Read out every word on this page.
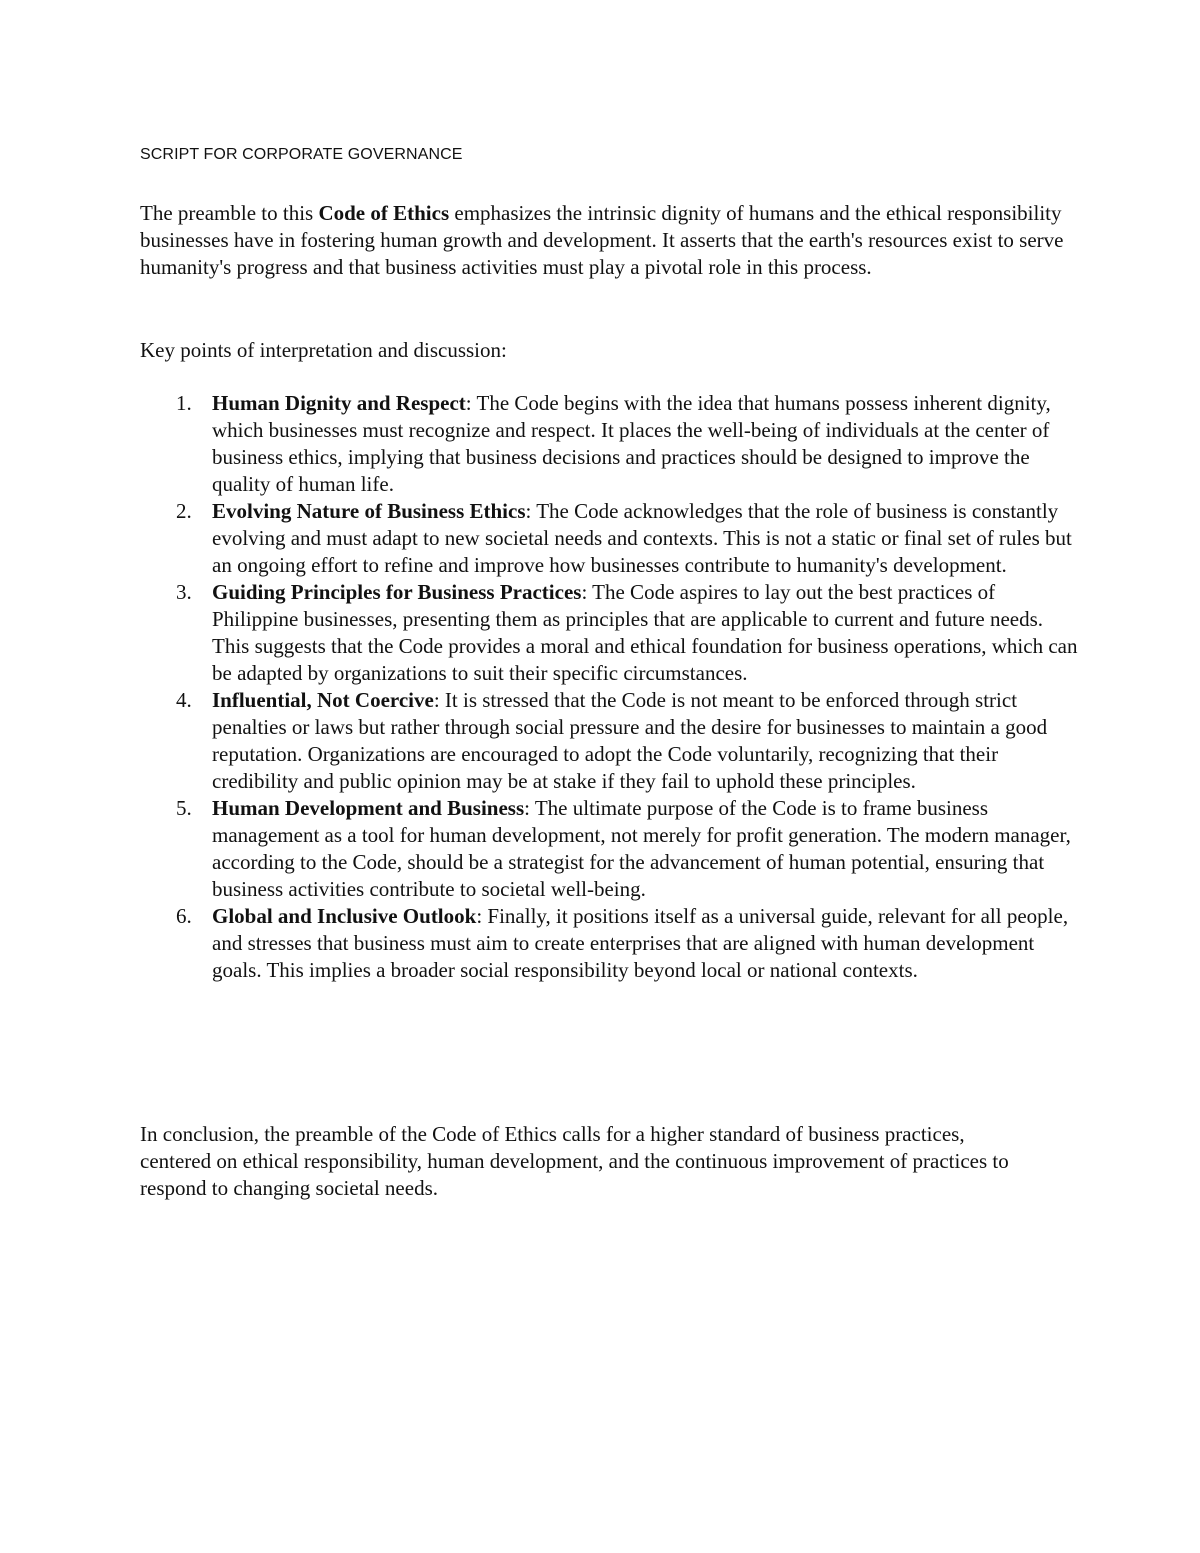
SCRIPT FOR CORPORATE GOVERNANCE

The preamble to this Code of Ethics emphasizes the intrinsic dignity of humans and the ethical responsibility businesses have in fostering human growth and development. It asserts that the earth's resources exist to serve humanity's progress and that business activities must play a pivotal role in this process.

Key points of interpretation and discussion:

1. Human Dignity and Respect: The Code begins with the idea that humans possess inherent dignity, which businesses must recognize and respect. It places the well-being of individuals at the center of business ethics, implying that business decisions and practices should be designed to improve the quality of human life.
2. Evolving Nature of Business Ethics: The Code acknowledges that the role of business is constantly evolving and must adapt to new societal needs and contexts. This is not a static or final set of rules but an ongoing effort to refine and improve how businesses contribute to humanity's development.
3. Guiding Principles for Business Practices: The Code aspires to lay out the best practices of Philippine businesses, presenting them as principles that are applicable to current and future needs. This suggests that the Code provides a moral and ethical foundation for business operations, which can be adapted by organizations to suit their specific circumstances.
4. Influential, Not Coercive: It is stressed that the Code is not meant to be enforced through strict penalties or laws but rather through social pressure and the desire for businesses to maintain a good reputation. Organizations are encouraged to adopt the Code voluntarily, recognizing that their credibility and public opinion may be at stake if they fail to uphold these principles.
5. Human Development and Business: The ultimate purpose of the Code is to frame business management as a tool for human development, not merely for profit generation. The modern manager, according to the Code, should be a strategist for the advancement of human potential, ensuring that business activities contribute to societal well-being.
6. Global and Inclusive Outlook: Finally, it positions itself as a universal guide, relevant for all people, and stresses that business must aim to create enterprises that are aligned with human development goals. This implies a broader social responsibility beyond local or national contexts.

In conclusion, the preamble of the Code of Ethics calls for a higher standard of business practices, centered on ethical responsibility, human development, and the continuous improvement of practices to respond to changing societal needs.
